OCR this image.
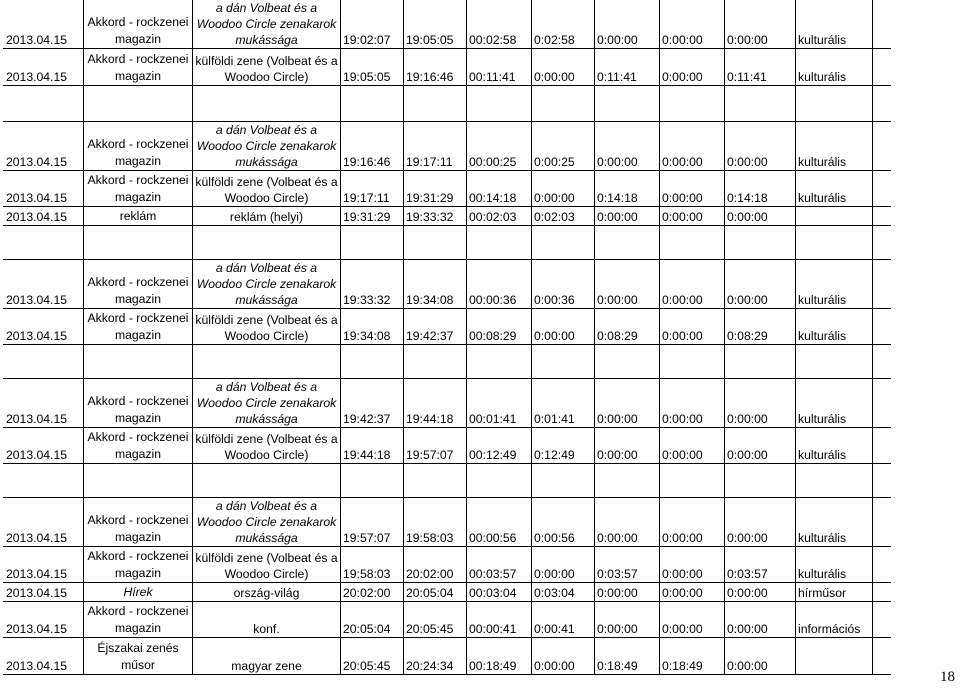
2013.04.15	Akkord - rockzenei magazin	a dán Volbeat és a Woodoo Circle zenakarok mukássága	19:02:07	19:05:05	00:02:58	0:02:58	0:00:00	0:00:00	0:00:00	kulturális	
2013.04.15	Akkord - rockzenei magazin	külföldi zene (Volbeat és a Woodoo Circle)	19:05:05	19:16:46	00:11:41	0:00:00	0:11:41	0:00:00	0:11:41	kulturális	

2013.04.15	Akkord - rockzenei magazin	a dán Volbeat és a Woodoo Circle zenakarok mukássága	19:16:46	19:17:11	00:00:25	0:00:25	0:00:00	0:00:00	0:00:00	kulturális	
2013.04.15	Akkord - rockzenei magazin	külföldi zene (Volbeat és a Woodoo Circle)	19:17:11	19:31:29	00:14:18	0:00:00	0:14:18	0:00:00	0:14:18	kulturális	
2013.04.15	reklám	reklám (helyi)	19:31:29	19:33:32	00:02:03	0:02:03	0:00:00	0:00:00	0:00:00		

2013.04.15	Akkord - rockzenei magazin	a dán Volbeat és a Woodoo Circle zenakarok mukássága	19:33:32	19:34:08	00:00:36	0:00:36	0:00:00	0:00:00	0:00:00	kulturális	
2013.04.15	Akkord - rockzenei magazin	külföldi zene (Volbeat és a Woodoo Circle)	19:34:08	19:42:37	00:08:29	0:00:00	0:08:29	0:00:00	0:08:29	kulturális	

2013.04.15	Akkord - rockzenei magazin	a dán Volbeat és a Woodoo Circle zenakarok mukássága	19:42:37	19:44:18	00:01:41	0:01:41	0:00:00	0:00:00	0:00:00	kulturális	
2013.04.15	Akkord - rockzenei magazin	külföldi zene (Volbeat és a Woodoo Circle)	19:44:18	19:57:07	00:12:49	0:12:49	0:00:00	0:00:00	0:00:00	kulturális	

2013.04.15	Akkord - rockzenei magazin	a dán Volbeat és a Woodoo Circle zenakarok mukássága	19:57:07	19:58:03	00:00:56	0:00:56	0:00:00	0:00:00	0:00:00	kulturális	
2013.04.15	Akkord - rockzenei magazin	külföldi zene (Volbeat és a Woodoo Circle)	19:58:03	20:02:00	00:03:57	0:00:00	0:03:57	0:00:00	0:03:57	kulturális	
2013.04.15	Hírek	ország-világ	20:02:00	20:05:04	00:03:04	0:03:04	0:00:00	0:00:00	0:00:00	hírműsor	
2013.04.15	Akkord - rockzenei magazin	konf.	20:05:04	20:05:45	00:00:41	0:00:41	0:00:00	0:00:00	0:00:00	információs	
2013.04.15	Éjszakai zenés műsor	magyar zene	20:05:45	20:24:34	00:18:49	0:00:00	0:18:49	0:18:49	0:00:00		
18
